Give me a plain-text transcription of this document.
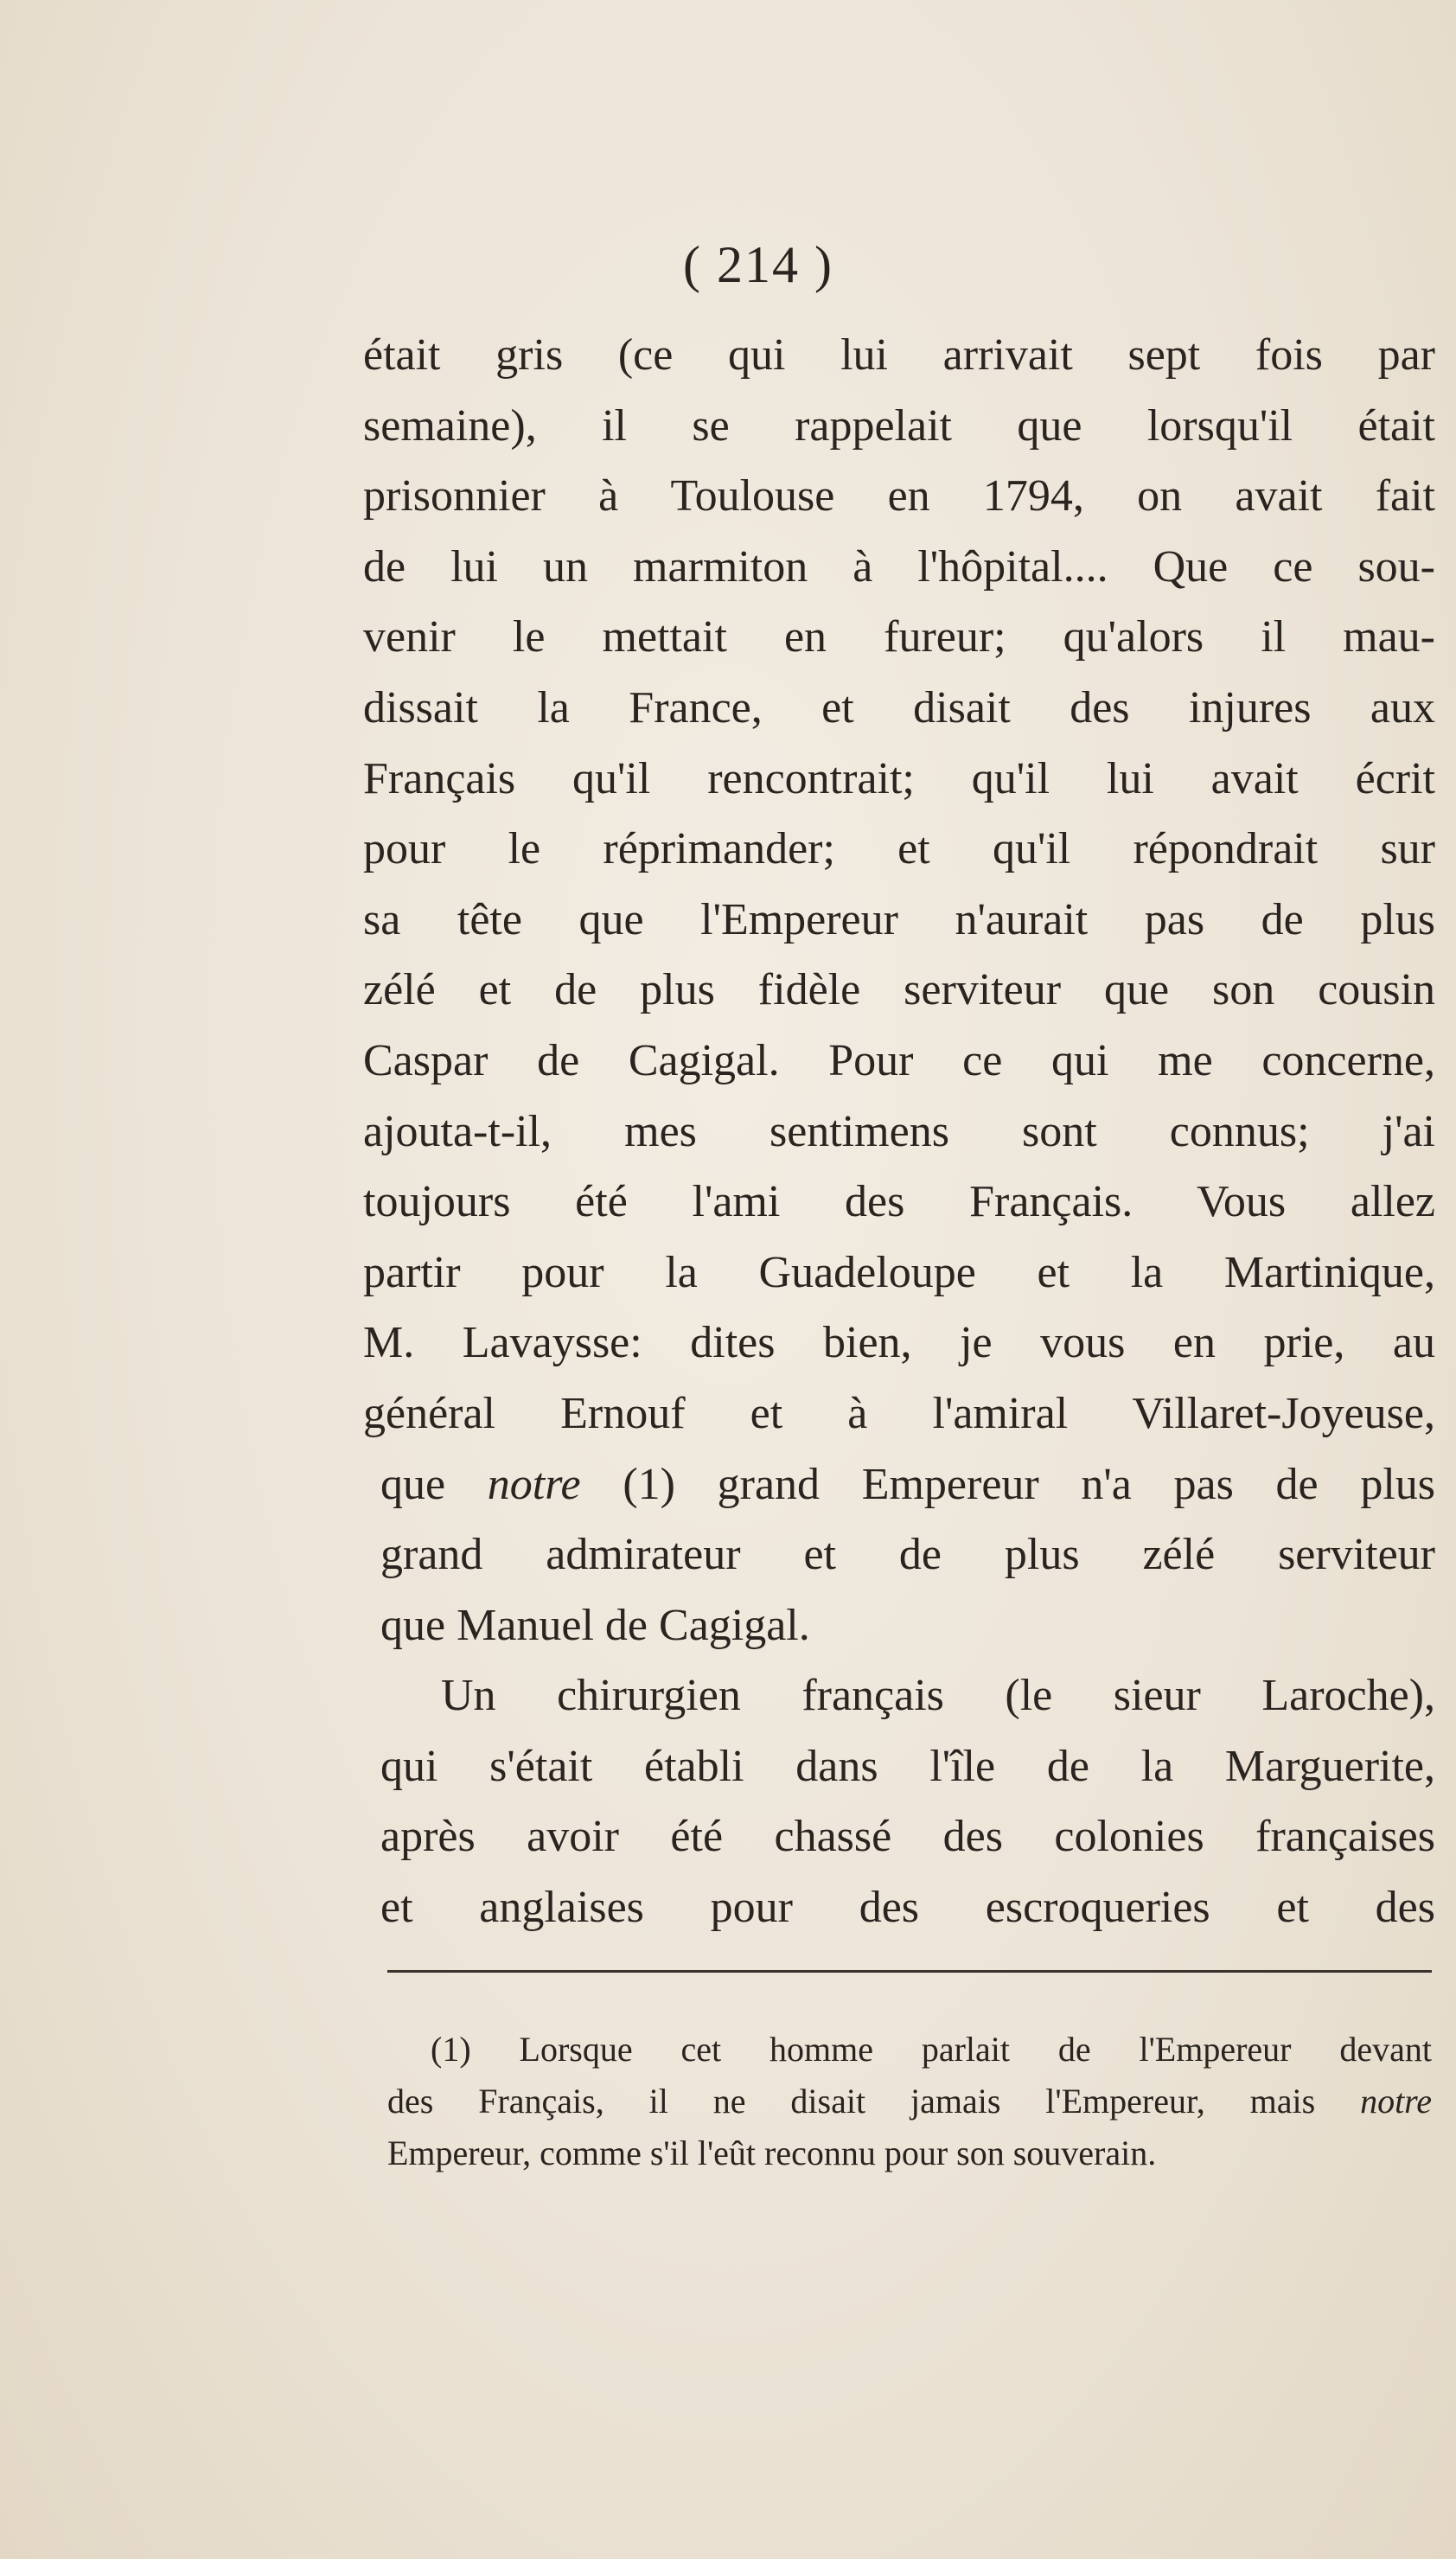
( 214 )
était gris (ce qui lui arrivait sept fois par
semaine), il se rappelait que lorsqu'il était
prisonnier à Toulouse en 1794, on avait fait
de lui un marmiton à l'hôpital.... Que ce sou-
venir le mettait en fureur; qu'alors il mau-
dissait la France, et disait des injures aux
Français qu'il rencontrait; qu'il lui avait écrit
pour le réprimander; et qu'il répondrait sur
sa tête que l'Empereur n'aurait pas de plus
zélé et de plus fidèle serviteur que son cousin
Caspar de Cagigal. Pour ce qui me concerne,
ajouta-t-il, mes sentimens sont connus; j'ai
toujours été l'ami des Français. Vous allez
partir pour la Guadeloupe et la Martinique,
M. Lavaysse: dites bien, je vous en prie, au
général Ernouf et à l'amiral Villaret-Joyeuse,
que notre (1) grand Empereur n'a pas de plus
grand admirateur et de plus zélé serviteur
que Manuel de Cagigal.
Un chirurgien français (le sieur Laroche),
qui s'était établi dans l'île de la Marguerite,
après avoir été chassé des colonies françaises
et anglaises pour des escroqueries et des
(1) Lorsque cet homme parlait de l'Empereur devant
des Français, il ne disait jamais l'Empereur, mais notre
Empereur, comme s'il l'eût reconnu pour son souverain.
